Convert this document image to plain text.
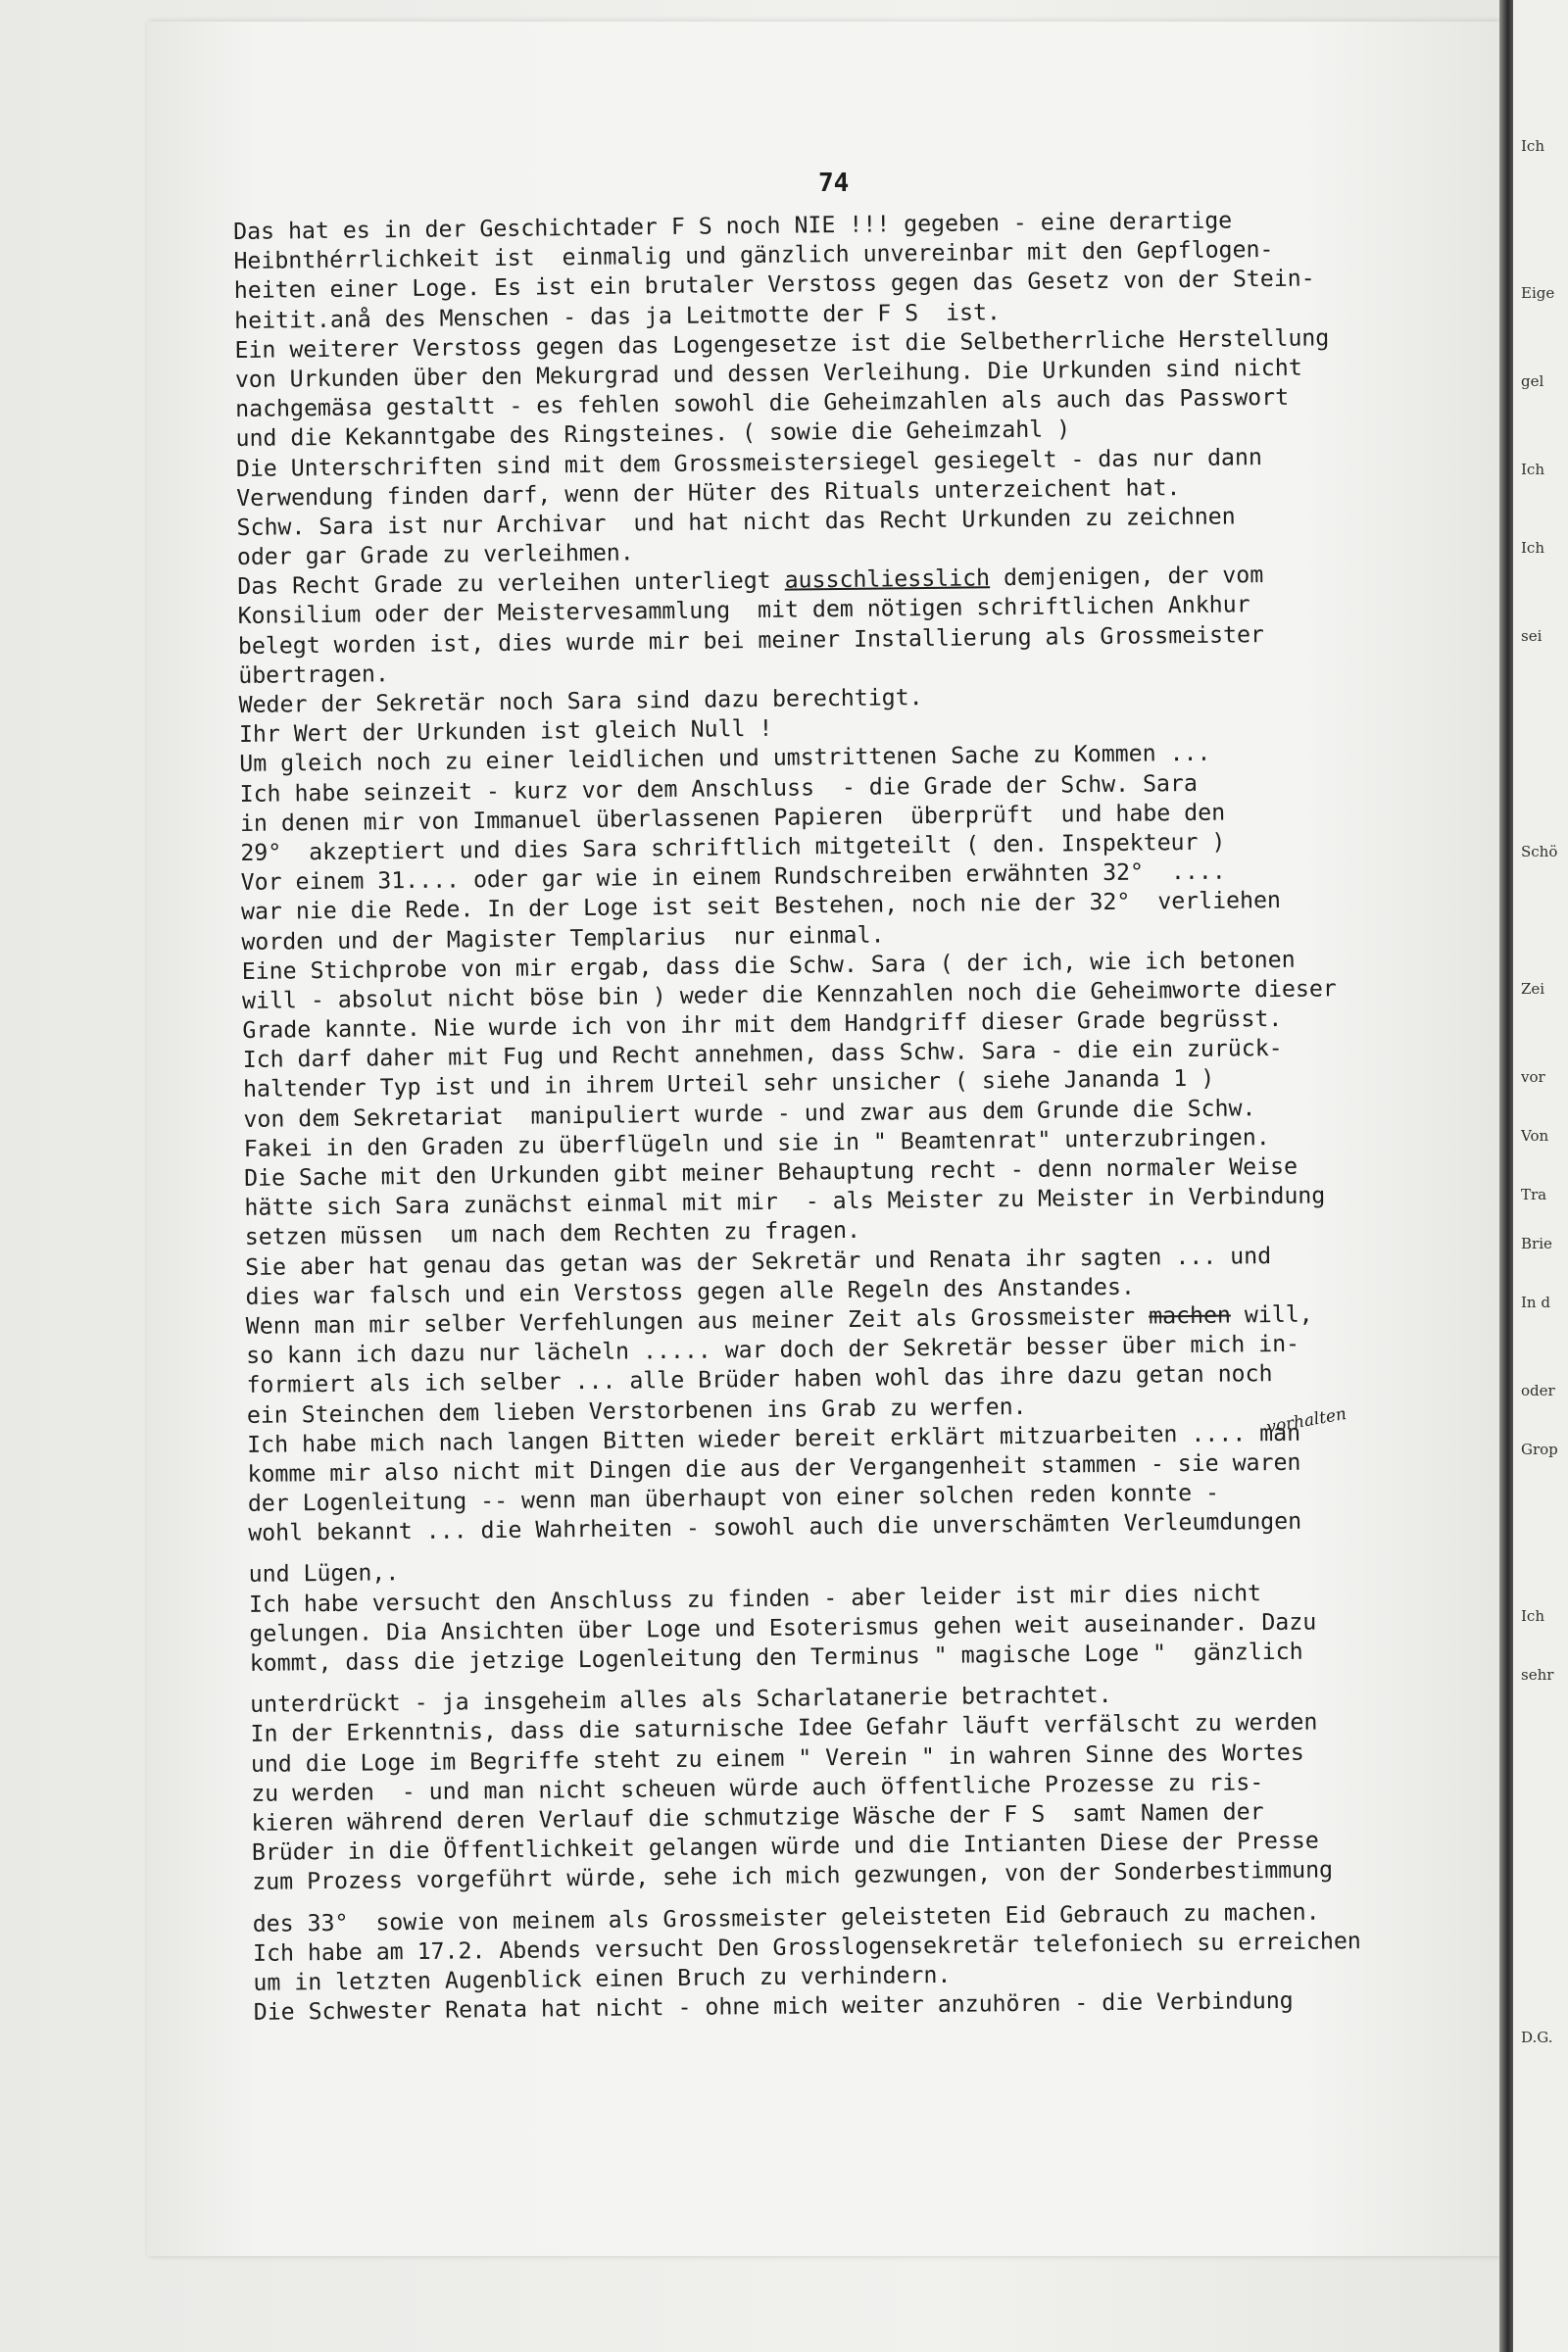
74
Das hat es in der Geschichtader F S noch NIE !!! gegeben - eine derartige
Heibnthérrlichkeit ist  einmalig und gänzlich unvereinbar mit den Gepflogen-
heiten einer Loge. Es ist ein brutaler Verstoss gegen das Gesetz von der Stein-
heitit.anå des Menschen - das ja Leitmotte der F S  ist.
Ein weiterer Verstoss gegen das Logengesetze ist die Selbetherrliche Herstellung
von Urkunden über den Mekurgrad und dessen Verleihung. Die Urkunden sind nicht
nachgemäsa gestaltt - es fehlen sowohl die Geheimzahlen als auch das Passwort
und die Kekanntgabe des Ringsteines. ( sowie die Geheimzahl )
Die Unterschriften sind mit dem Grossmeistersiegel gesiegelt - das nur dann
Verwendung finden darf, wenn der Hüter des Rituals unterzeichent hat.
Schw. Sara ist nur Archivar  und hat nicht das Recht Urkunden zu zeichnen
oder gar Grade zu verleihmen.
Das Recht Grade zu verleihen unterliegt ausschliesslich demjenigen, der vom
Konsilium oder der Meistervesammlung  mit dem nötigen schriftlichen Ankhur
belegt worden ist, dies wurde mir bei meiner Installierung als Grossmeister
übertragen.
Weder der Sekretär noch Sara sind dazu berechtigt.
Ihr Wert der Urkunden ist gleich Null !
Um gleich noch zu einer leidlichen und umstrittenen Sache zu Kommen ...
Ich habe seinzeit - kurz vor dem Anschluss  - die Grade der Schw. Sara
in denen mir von Immanuel überlassenen Papieren  überprüft  und habe den
29°  akzeptiert und dies Sara schriftlich mitgeteilt ( den. Inspekteur )
Vor einem 31.... oder gar wie in einem Rundschreiben erwähnten 32°  ....
war nie die Rede. In der Loge ist seit Bestehen, noch nie der 32°  verliehen
worden und der Magister Templarius  nur einmal.
Eine Stichprobe von mir ergab, dass die Schw. Sara ( der ich, wie ich betonen
will - absolut nicht böse bin ) weder die Kennzahlen noch die Geheimworte dieser
Grade kannte. Nie wurde ich von ihr mit dem Handgriff dieser Grade begrüsst.
Ich darf daher mit Fug und Recht annehmen, dass Schw. Sara - die ein zurück-
haltender Typ ist und in ihrem Urteil sehr unsicher ( siehe Jananda 1 )
von dem Sekretariat  manipuliert wurde - und zwar aus dem Grunde die Schw.
Fakei in den Graden zu überflügeln und sie in " Beamtenrat" unterzubringen.
Die Sache mit den Urkunden gibt meiner Behauptung recht - denn normaler Weise
hätte sich Sara zunächst einmal mit mir  - als Meister zu Meister in Verbindung
setzen müssen  um nach dem Rechten zu fragen.
Sie aber hat genau das getan was der Sekretär und Renata ihr sagten ... und
dies war falsch und ein Verstoss gegen alle Regeln des Anstandes.
Wenn man mir selber Verfehlungen aus meiner Zeit als Grossmeister machen will,
so kann ich dazu nur lächeln ..... war doch der Sekretär besser über mich in-
formiert als ich selber ... alle Brüder haben wohl das ihre dazu getan noch
ein Steinchen dem lieben Verstorbenen ins Grab zu werfen.
Ich habe mich nach langen Bitten wieder bereit erklärt mitzuarbeiten .... man
komme mir also nicht mit Dingen die aus der Vergangenheit stammen - sie waren
der Logenleitung -- wenn man überhaupt von einer solchen reden konnte -
wohl bekannt ... die Wahrheiten - sowohl auch die unverschämten Verleumdungen
und Lügen,.
Ich habe versucht den Anschluss zu finden - aber leider ist mir dies nicht
gelungen. Dia Ansichten über Loge und Esoterismus gehen weit auseinander. Dazu
kommt, dass die jetzige Logenleitung den Terminus " magische Loge "  gänzlich
unterdrückt - ja insgeheim alles als Scharlatanerie betrachtet.
In der Erkenntnis, dass die saturnische Idee Gefahr läuft verfälscht zu werden
und die Loge im Begriffe steht zu einem " Verein " in wahren Sinne des Wortes
zu werden  - und man nicht scheuen würde auch öffentliche Prozesse zu ris-
kieren während deren Verlauf die schmutzige Wäsche der F S  samt Namen der
Brüder in die Öffentlichkeit gelangen würde und die Intianten Diese der Presse
zum Prozess vorgeführt würde, sehe ich mich gezwungen, von der Sonderbestimmung
des 33°  sowie von meinem als Grossmeister geleisteten Eid Gebrauch zu machen.
Ich habe am 17.2. Abends versucht Den Grosslogensekretär telefoniech su erreichen
um in letzten Augenblick einen Bruch zu verhindern.
Die Schwester Renata hat nicht - ohne mich weiter anzuhören - die Verbindung
vorhalten
Ich
Eige
gel
Ich
Ich
sei
Schö
Zei
vor
Von
Tra
Brie
In d
oder
Grop
Ich
sehr
D.G.
